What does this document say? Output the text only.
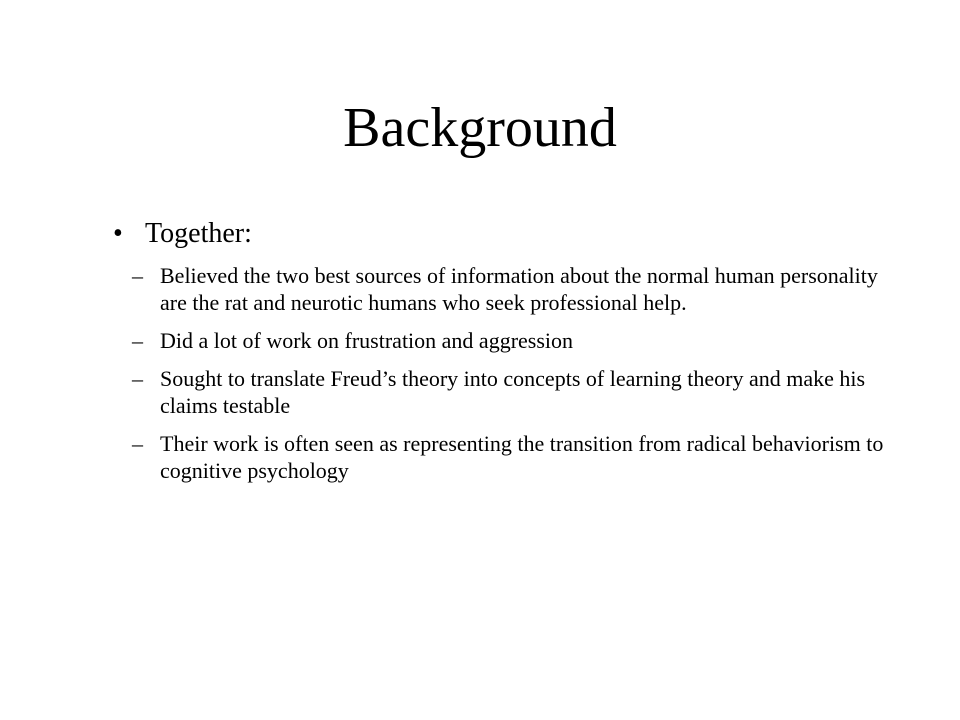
Background
• Together:
– Believed the two best sources of information about the normal human personality are the rat and neurotic humans who seek professional help.
– Did a lot of work on frustration and aggression
– Sought to translate Freud’s theory into concepts of learning theory and make his claims testable
– Their work is often seen as representing the transition from radical behaviorism to cognitive psychology
